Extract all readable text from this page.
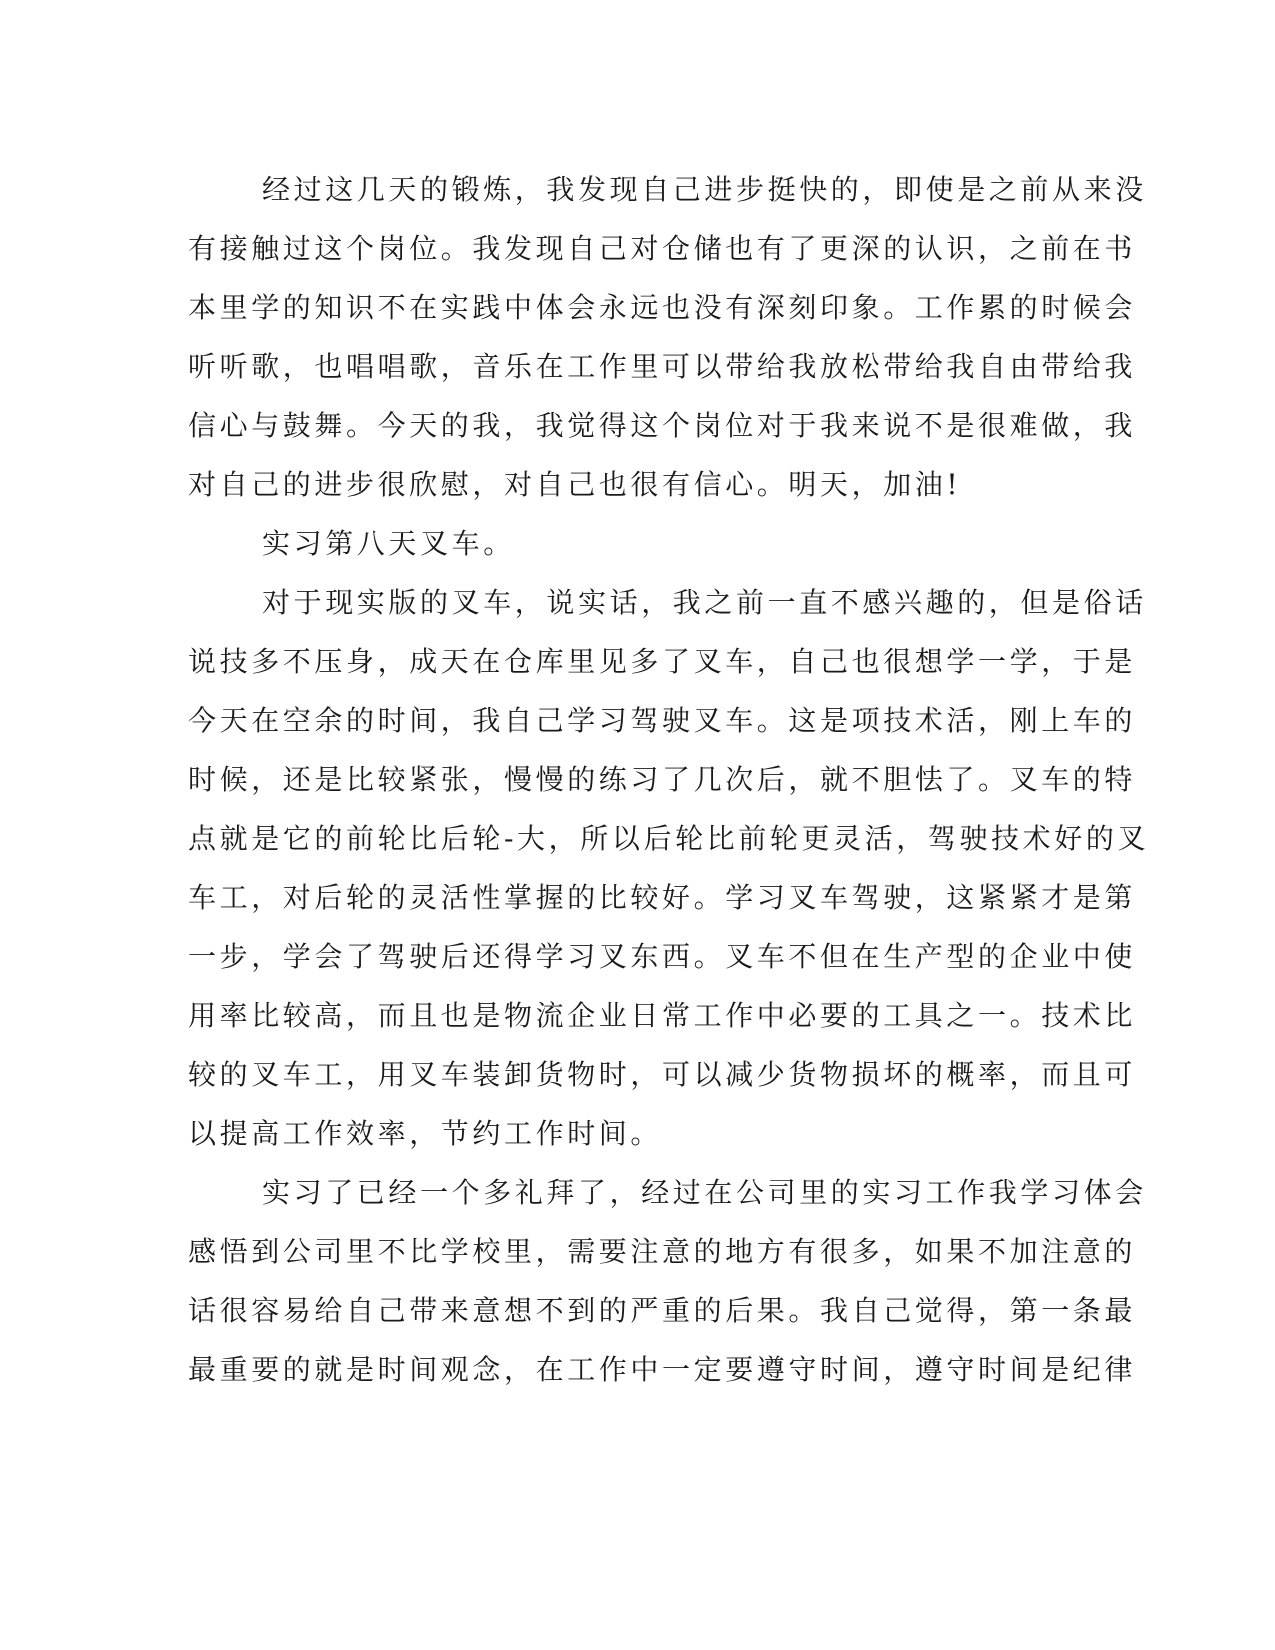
经过这几天的锻炼，我发现自己进步挺快的，即使是之前从来没
有接触过这个岗位。我发现自己对仓储也有了更深的认识，之前在书
本里学的知识不在实践中体会永远也没有深刻印象。工作累的时候会
听听歌，也唱唱歌，音乐在工作里可以带给我放松带给我自由带给我
信心与鼓舞。今天的我，我觉得这个岗位对于我来说不是很难做，我
对自己的进步很欣慰，对自己也很有信心。明天，加油!

实习第八天叉车。

对于现实版的叉车，说实话，我之前一直不感兴趣的，但是俗话
说技多不压身，成天在仓库里见多了叉车，自己也很想学一学，于是
今天在空余的时间，我自己学习驾驶叉车。这是项技术活，刚上车的
时候，还是比较紧张，慢慢的练习了几次后，就不胆怯了。叉车的特
点就是它的前轮比后轮-大，所以后轮比前轮更灵活，驾驶技术好的叉
车工，对后轮的灵活性掌握的比较好。学习叉车驾驶，这紧紧才是第
一步，学会了驾驶后还得学习叉东西。叉车不但在生产型的企业中使
用率比较高，而且也是物流企业日常工作中必要的工具之一。技术比
较的叉车工，用叉车装卸货物时，可以减少货物损坏的概率，而且可
以提高工作效率，节约工作时间。

实习了已经一个多礼拜了，经过在公司里的实习工作我学习体会
感悟到公司里不比学校里，需要注意的地方有很多，如果不加注意的
话很容易给自己带来意想不到的严重的后果。我自己觉得，第一条最
最重要的就是时间观念，在工作中一定要遵守时间，遵守时间是纪律
